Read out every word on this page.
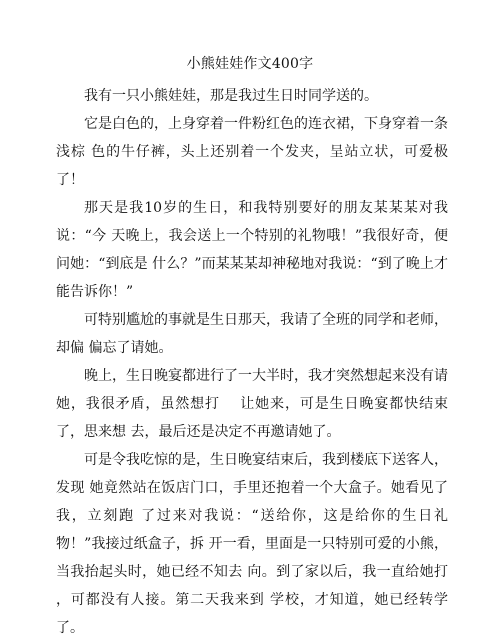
小熊娃娃作文400字

我有一只小熊娃娃，那是我过生日时同学送的。

它是白色的，上身穿着一件粉红色的连衣裙，下身穿着一条浅棕 色的牛仔裤，头上还别着一个发夹，呈站立状，可爱极了！

那天是我10岁的生日，和我特别要好的朋友某某某对我说：“今 天晚上，我会送上一个特别的礼物哦！”我很好奇，便问她：“到底是 什么？”而某某某却神秘地对我说：“到了晚上才能告诉你！”

可特别尴尬的事就是生日那天，我请了全班的同学和老师，却偏 偏忘了请她。

晚上，生日晚宴都进行了一大半时，我才突然想起来没有请她，我很矛盾，虽然想打　 让她来，可是生日晚宴都快结束了，思来想 去，最后还是决定不再邀请她了。

可是令我吃惊的是，生日晚宴结束后，我到楼底下送客人，发现 她竟然站在饭店门口，手里还抱着一个大盒子。她看见了我，立刻跑 了过来对我说：“送给你，这是给你的生日礼物！”我接过纸盒子，拆 开一看，里面是一只特别可爱的小熊，当我抬起头时，她已经不知去 向。到了家以后，我一直给她打　 ，可都没有人接。第二天我来到 学校，才知道，她已经转学了。
